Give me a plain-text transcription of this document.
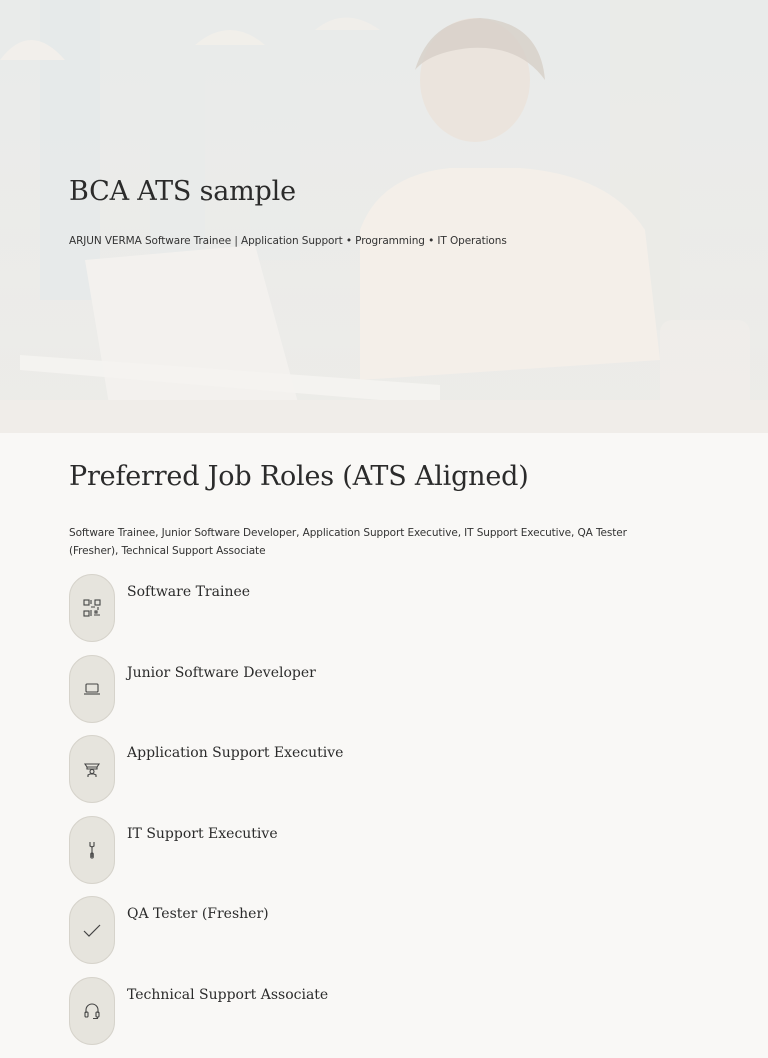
BCA ATS sample

ARJUN VERMA Software Trainee | Application Support • Programming • IT Operations

Preferred Job Roles (ATS Aligned)

Software Trainee, Junior Software Developer, Application Support Executive, IT Support Executive, QA Tester (Fresher), Technical Support Associate

Software Trainee
Junior Software Developer
Application Support Executive
IT Support Executive
QA Tester (Fresher)
Technical Support Associate
